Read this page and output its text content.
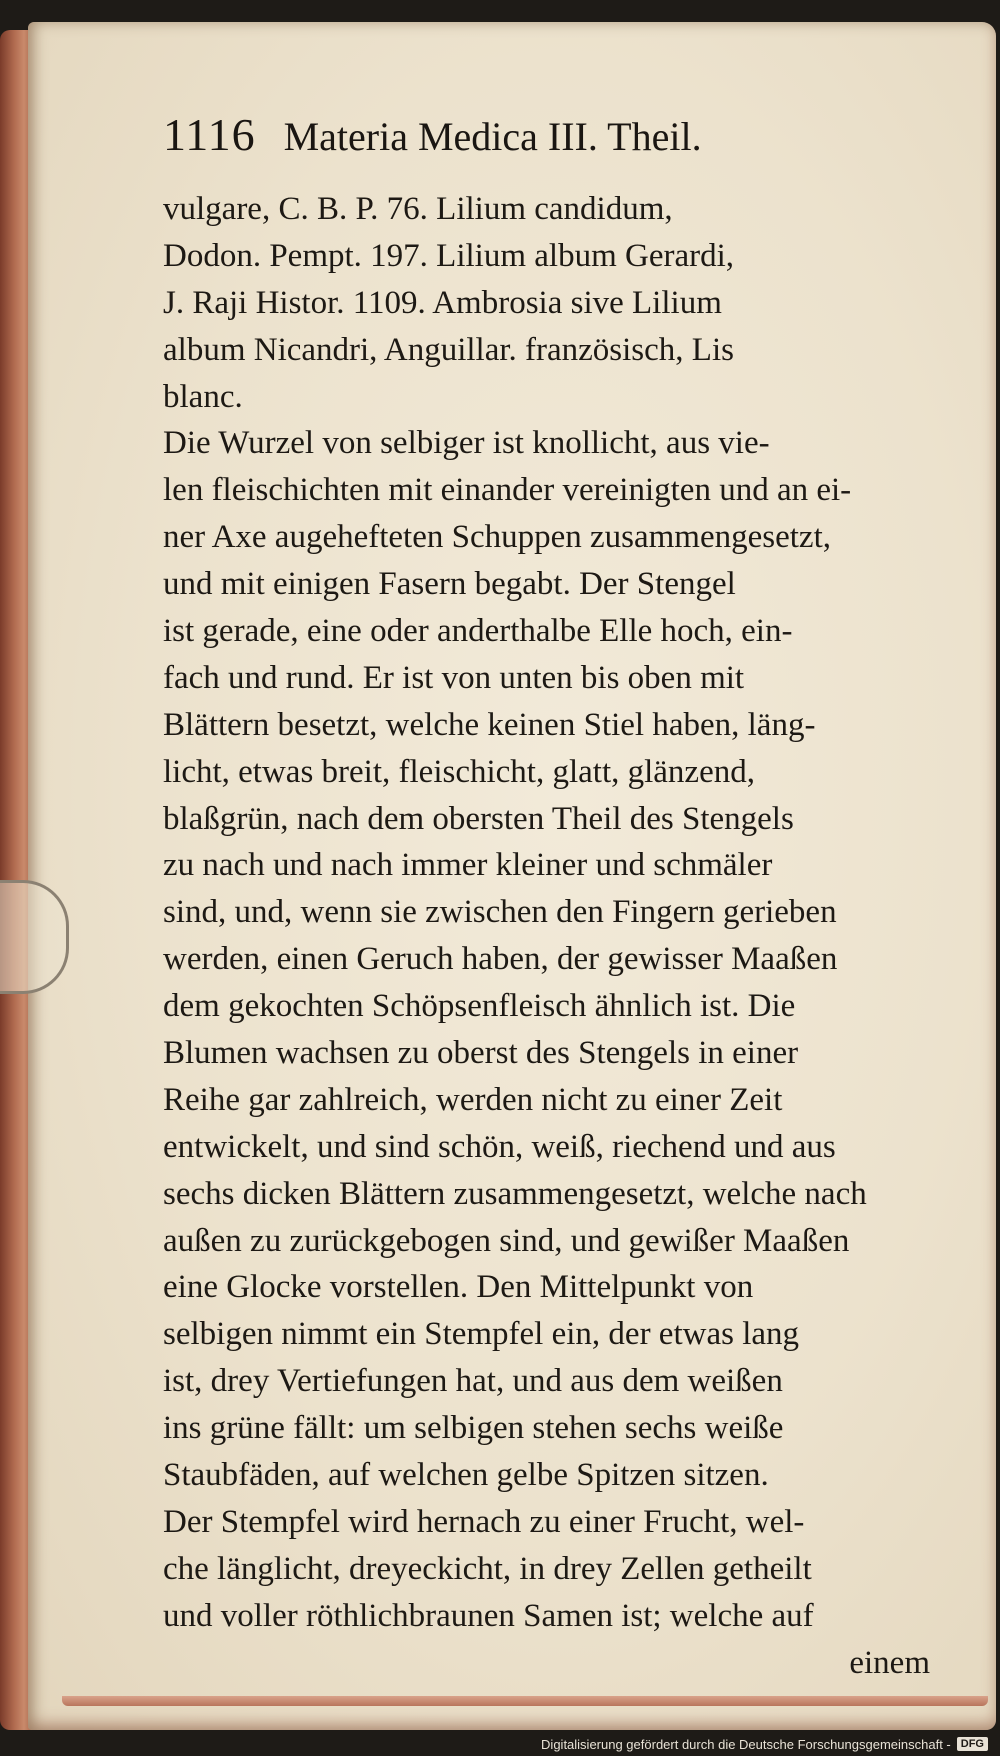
1116 Materia Medica III. Theil.
vulgare, C. B. P. 76. Lilium candidum,
Dodon. Pempt. 197. Lilium album Gerardi,
J. Raji Histor. 1109. Ambrosia sive Lilium
album Nicandri, Anguillar. französisch, Lis
blanc.
Die Wurzel von selbiger ist knollicht, aus vie-
len fleischichten mit einander vereinigten und an ei-
ner Axe augehefteten Schuppen zusammengesetzt,
und mit einigen Fasern begabt. Der Stengel
ist gerade, eine oder anderthalbe Elle hoch, ein-
fach und rund. Er ist von unten bis oben mit
Blättern besetzt, welche keinen Stiel haben, läng-
licht, etwas breit, fleischicht, glatt, glänzend,
blaßgrün, nach dem obersten Theil des Stengels
zu nach und nach immer kleiner und schmäler
sind, und, wenn sie zwischen den Fingern gerieben
werden, einen Geruch haben, der gewisser Maaßen
dem gekochten Schöpsenfleisch ähnlich ist. Die
Blumen wachsen zu oberst des Stengels in einer
Reihe gar zahlreich, werden nicht zu einer Zeit
entwickelt, und sind schön, weiß, riechend und aus
sechs dicken Blättern zusammengesetzt, welche nach
außen zu zurückgebogen sind, und gewißer Maaßen
eine Glocke vorstellen. Den Mittelpunkt von
selbigen nimmt ein Stempfel ein, der etwas lang
ist, drey Vertiefungen hat, und aus dem weißen
ins grüne fällt: um selbigen stehen sechs weiße
Staubfäden, auf welchen gelbe Spitzen sitzen.
Der Stempfel wird hernach zu einer Frucht, wel-
che länglicht, dreyeckicht, in drey Zellen getheilt
und voller röthlichbraunen Samen ist; welche auf
einem
Digitalisierung gefördert durch die Deutsche Forschungsgemeinschaft - DFG
